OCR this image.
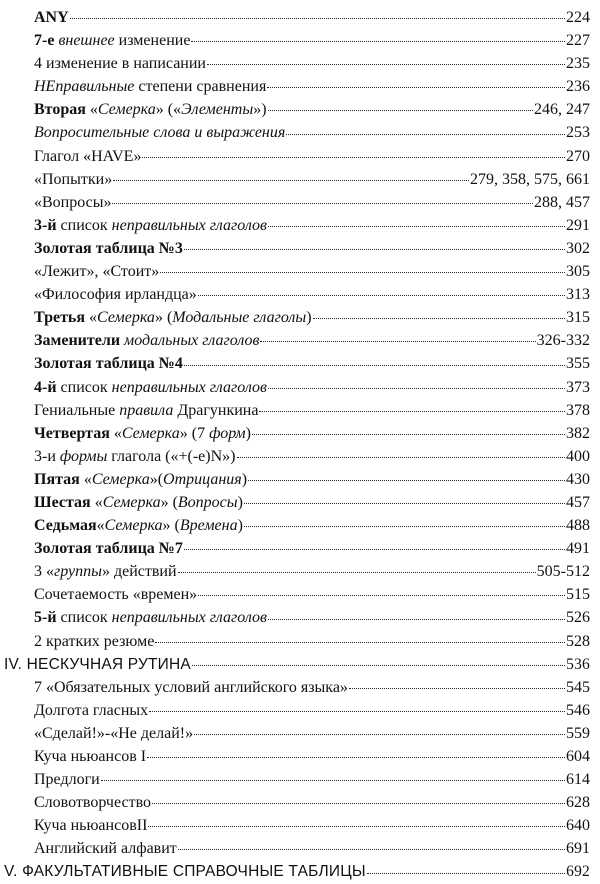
ANY	224
7-е внешнее изменение	227
4 изменение в написании	235
НЕправильные степени сравнения	236
Вторая «Семерка» («Элементы»)	246, 247
Вопросительные слова и выражения	253
Глагол «HAVE»	270
«Попытки»	279, 358, 575, 661
«Вопросы»	288, 457
3-й список неправильных глаголов	291
Золотая таблица №3	302
«Лежит», «Стоит»	305
«Философия ирландца»	313
Третья «Семерка» (Модальные глаголы)	315
Заменители модальных глаголов	326-332
Золотая таблица №4	355
4-й список неправильных глаголов	373
Гениальные правила Драгункина	378
Четвертая «Семерка» (7 форм)	382
3-и формы глагола («+(-e)N»)	400
Пятая «Семерка»(Отрицания)	430
Шестая «Семерка» (Вопросы)	457
Седьмая«Семерка» (Времена)	488
Золотая таблица №7	491
3 «группы» действий	505-512
Сочетаемость «времен»	515
5-й список неправильных глаголов	526
2 кратких резюме	528
IV. НЕСКУЧНАЯ РУТИНА	536
7 «Обязательных условий английского языка»	545
Долгота гласных	546
«Сделай!»-«Не делай!»	559
Куча ньюансов I	604
Предлоги	614
Словотворчество	628
Куча ньюансовII	640
Английский алфавит	691
V. ФАКУЛЬТАТИВНЫЕ СПРАВОЧНЫЕ ТАБЛИЦЫ	692
